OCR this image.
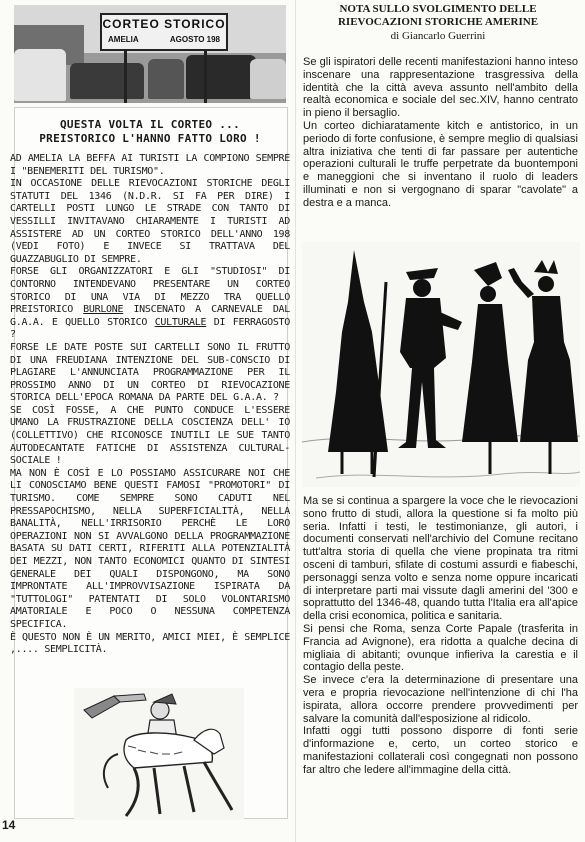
CORTEO STORICO
AMELIA	AGOSTO 198
QUESTA VOLTA IL CORTEO ...
PREISTORICO L'HANNO FATTO LORO !

AD AMELIA LA BEFFA AI TURISTI LA COMPIONO SEMPRE I "BENEMERITI DEL TURISMO".

IN OCCASIONE DELLE RIEVOCAZIONI STORICHE DEGLI STATUTI DEL 1346 (N.D.R. SI FA PER DIRE) I CARTELLI POSTI LUNGO LE STRADE CON TANTO DI VESSILLI INVITAVANO CHIARAMENTE I TURISTI AD ASSISTERE AD UN CORTEO STORICO DELL'ANNO 198 (VEDI FOTO) E INVECE SI TRATTAVA DEL GUAZZABUGLIO DI SEMPRE.

FORSE GLI ORGANIZZATORI E GLI "STUDIOSI" DI CONTORNO INTENDEVANO PRESENTARE UN CORTEO STORICO DI UNA VIA DI MEZZO TRA QUELLO PREISTORICO BURLONE INSCENATO A CARNEVALE DAL G.A.A. E QUELLO STORICO CULTURALE DI FERRAGOSTO ?

FORSE LE DATE POSTE SUI CARTELLI SONO IL FRUTTO DI UNA FREUDIANA INTENZIONE DEL SUB-CONSCIO DI PLAGIARE L'ANNUNCIATA PROGRAMMAZIONE PER IL PROSSIMO ANNO DI UN CORTEO DI RIEVOCAZIONE STORICA DELL'EPOCA ROMANA DA PARTE DEL G.A.A. ?

SE COSÌ FOSSE, A CHE PUNTO CONDUCE L'ESSERE UMANO LA FRUSTRAZIONE DELLA COSCIENZA DELL' IO (COLLETTIVO) CHE RICONOSCE INUTILI LE SUE TANTO AUTODECANTATE FATICHE DI ASSISTENZA CULTURAL-SOCIALE !

MA NON È COSÌ E LO POSSIAMO ASSICURARE NOI CHE LI CONOSCIAMO BENE QUESTI FAMOSI "PROMOTORI" DI TURISMO. COME SEMPRE SONO CADUTI NEL PRESSAPOCHISMO, NELLA SUPERFICIALITÀ, NELLA BANALITÀ, NELL'IRRISORIO PERCHÈ LE LORO OPERAZIONI NON SI AVVALGONO DELLA PROGRAMMAZIONE BASATA SU DATI CERTI, RIFERITI ALLA POTENZIALITÀ DEI MEZZI, NON TANTO ECONOMICI QUANTO DI SINTESI GENERALE DEI QUALI DISPONGONO, MA SONO IMPRONTATE ALL'IMPROVVISAZIONE ISPIRATA DA "TUTTOLOGI" PATENTATI DI SOLO VOLONTARISMO AMATORIALE E POCO O NESSUNA COMPETENZA SPECIFICA.

È QUESTO NON È UN MERITO, AMICI MIEI, È SEMPLICE ,.... SEMPLICITÀ.

14
NOTA SULLO SVOLGIMENTO DELLE
RIEVOCAZIONI STORICHE AMERINE
di Giancarlo Guerrini

Se gli ispiratori delle recenti manifestazioni hanno inteso inscenare una rappresentazione trasgressiva della identità che la città aveva assunto nell'ambito della realtà economica e sociale del sec.XIV, hanno centrato in pieno il bersaglio.

Un corteo dichiaratamente kitch e antistorico, in un periodo di forte confusione, è sempre meglio di qualsiasi altra iniziativa che tenti di far passare per autentiche operazioni culturali le truffe perpetrate da buontemponi e maneggioni che si inventano il ruolo di leaders illuminati e non si vergognano di sparar "cavolate" a destra e a manca.

Ma se si continua a spargere la voce che le rievocazioni sono frutto di studi, allora la questione si fa molto più seria. Infatti i testi, le testimonianze, gli autori, i documenti conservati nell'archivio del Comune recitano tutt'altra storia di quella che viene propinata tra ritmi osceni di tamburi, sfilate di costumi assurdi e fiabeschi, personaggi senza volto e senza nome oppure incaricati di interpretare parti mai vissute dagli amerini del '300 e soprattutto del 1346-48, quando tutta l'Italia era all'apice della crisi economica, politica e sanitaria.

Si pensi che Roma, senza Corte Papale (trasferita in Francia ad Avignone), era ridotta a qualche decina di migliaia di abitanti; ovunque infieriva la carestia e il contagio della peste.

Se invece c'era la determinazione di presentare una vera e propria rievocazione nell'intenzione di chi l'ha ispirata, allora occorre prendere provvedimenti per salvare la comunità dall'esposizione al ridicolo.

Infatti oggi tutti possono disporre di fonti serie d'informazione e, certo, un corteo storico e manifestazioni collaterali così congegnati non possono far altro che ledere all'immagine della città.
